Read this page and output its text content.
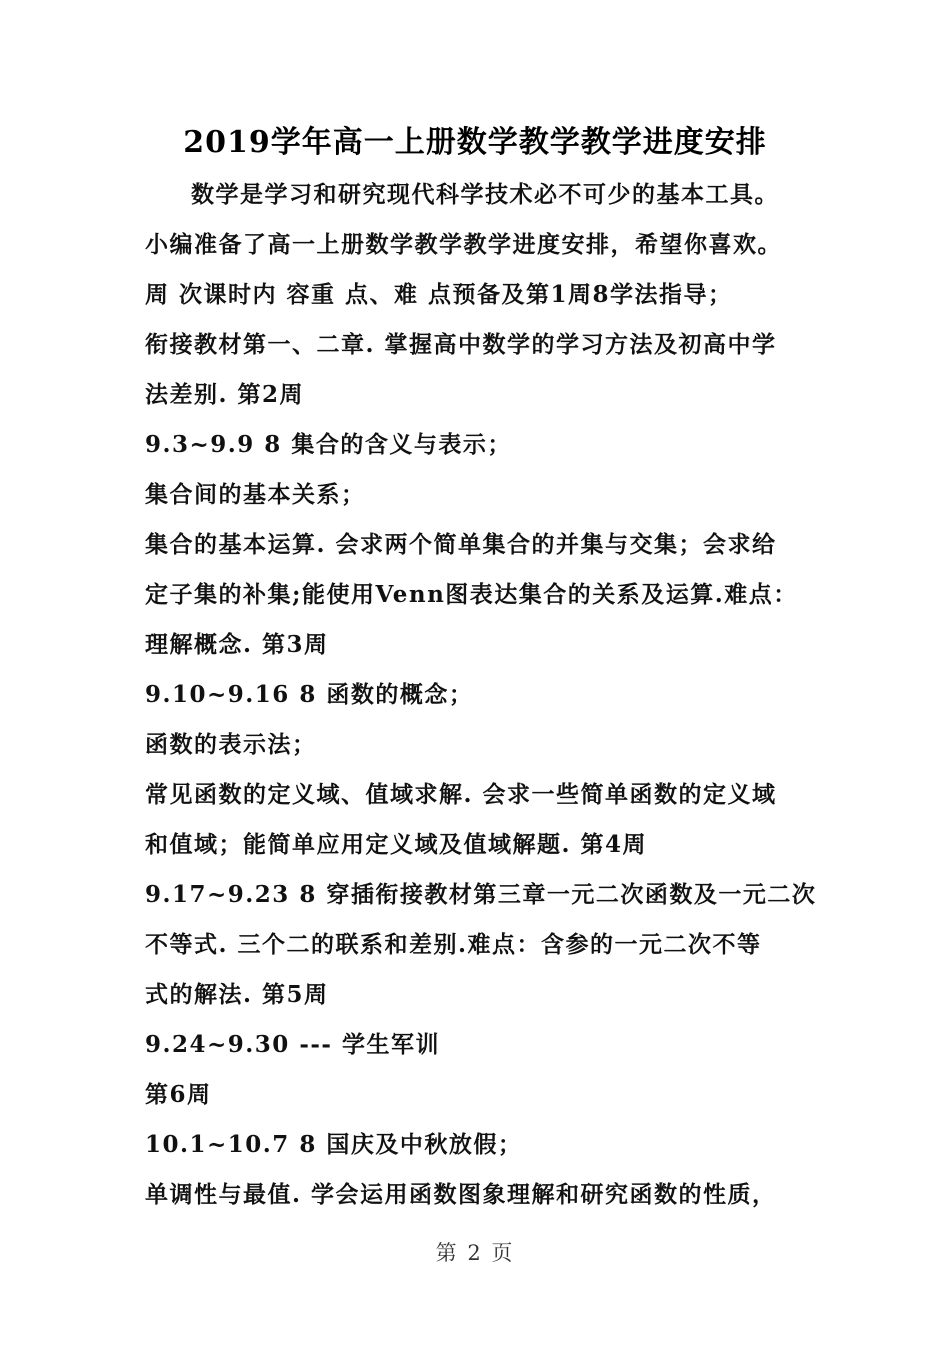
2019学年高一上册数学教学教学进度安排
数学是学习和研究现代科学技术必不可少的基本工具。
小编准备了高一上册数学教学教学进度安排，希望你喜欢。
周 次课时内 容重 点、难 点预备及第1周8学法指导；
衔接教材第一、二章. 掌握高中数学的学习方法及初高中学
法差别. 第2周
9.3~9.9 8 集合的含义与表示；
集合间的基本关系；
集合的基本运算. 会求两个简单集合的并集与交集；会求给
定子集的补集;能使用Venn图表达集合的关系及运算.难点：
理解概念. 第3周
9.10~9.16 8 函数的概念；
函数的表示法；
常见函数的定义域、值域求解. 会求一些简单函数的定义域
和值域；能简单应用定义域及值域解题. 第4周
9.17~9.23 8 穿插衔接教材第三章一元二次函数及一元二次
不等式. 三个二的联系和差别.难点：含参的一元二次不等
式的解法. 第5周
9.24~9.30 --- 学生军训
第6周
10.1~10.7 8 国庆及中秋放假；
单调性与最值. 学会运用函数图象理解和研究函数的性质，
第 2 页
